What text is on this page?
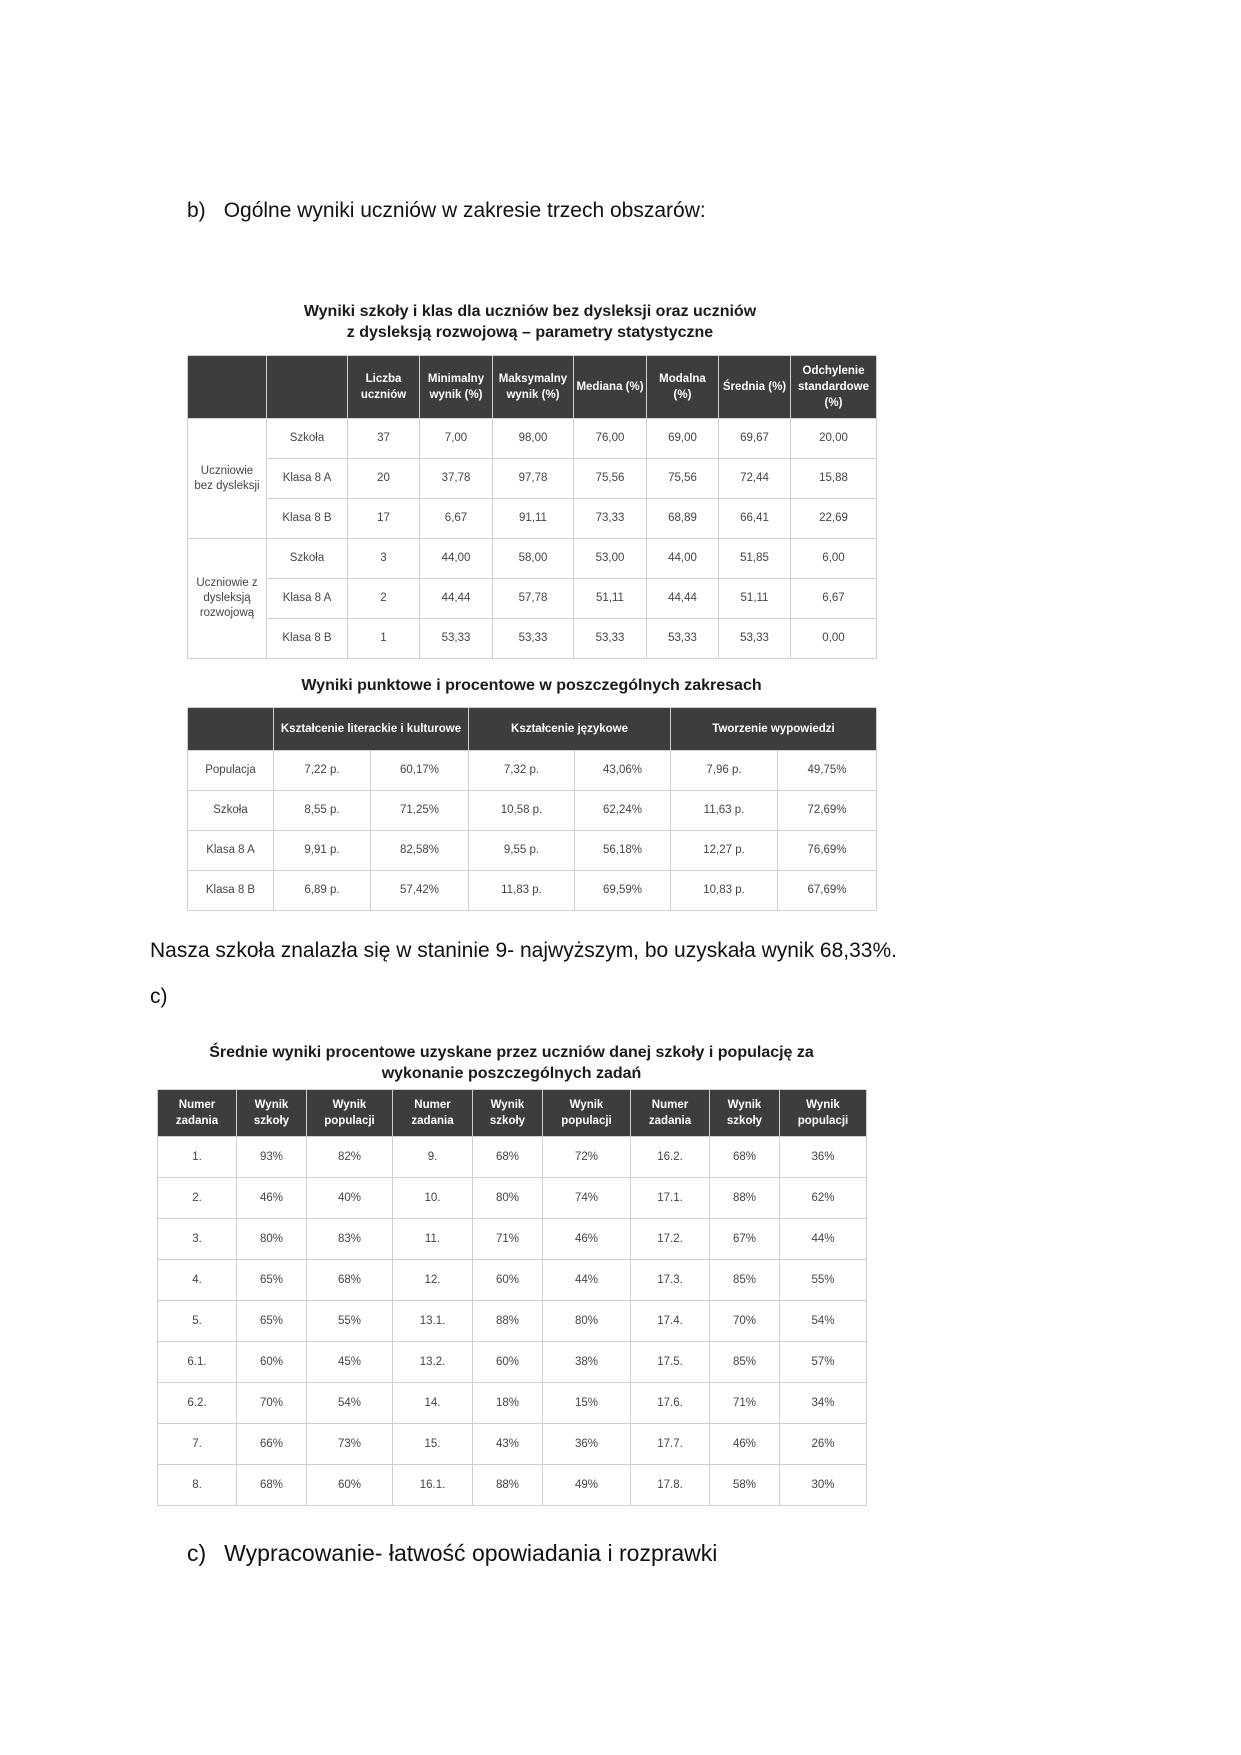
b) Ogólne wyniki uczniów w zakresie trzech obszarów:
Wyniki szkoły i klas dla uczniów bez dysleksji oraz uczniów
z dysleksją rozwojową – parametry statystyczne
		Liczba uczniów	Minimalny wynik (%)	Maksymalny wynik (%)	Mediana (%)	Modalna (%)	Średnia (%)	Odchylenie standardowe (%)
Uczniowie bez dysleksji	Szkoła	37	7,00	98,00	76,00	69,00	69,67	20,00
	Klasa 8 A	20	37,78	97,78	75,56	75,56	72,44	15,88
	Klasa 8 B	17	6,67	91,11	73,33	68,89	66,41	22,69
Uczniowie z dysleksją rozwojową	Szkoła	3	44,00	58,00	53,00	44,00	51,85	6,00
	Klasa 8 A	2	44,44	57,78	51,11	44,44	51,11	6,67
	Klasa 8 B	1	53,33	53,33	53,33	53,33	53,33	0,00
Wyniki punktowe i procentowe w poszczególnych zakresach
	Kształcenie literackie i kulturowe		Kształcenie językowe		Tworzenie wypowiedzi	
Populacja	7,22 p.	60,17%	7,32 p.	43,06%	7,96 p.	49,75%
Szkoła	8,55 p.	71,25%	10,58 p.	62,24%	11,63 p.	72,69%
Klasa 8 A	9,91 p.	82,58%	9,55 p.	56,18%	12,27 p.	76,69%
Klasa 8 B	6,89 p.	57,42%	11,83 p.	69,59%	10,83 p.	67,69%
Nasza szkoła znalazła się w staninie 9- najwyższym, bo uzyskała wynik 68,33%.
c)
Średnie wyniki procentowe uzyskane przez uczniów danej szkoły i populację za
wykonanie poszczególnych zadań
Numer zadania	Wynik szkoły	Wynik populacji	Numer zadania	Wynik szkoły	Wynik populacji	Numer zadania	Wynik szkoły	Wynik populacji
1.	93%	82%	9.	68%	72%	16.2.	68%	36%
2.	46%	40%	10.	80%	74%	17.1.	88%	62%
3.	80%	83%	11.	71%	46%	17.2.	67%	44%
4.	65%	68%	12.	60%	44%	17.3.	85%	55%
5.	65%	55%	13.1.	88%	80%	17.4.	70%	54%
6.1.	60%	45%	13.2.	60%	38%	17.5.	85%	57%
6.2.	70%	54%	14.	18%	15%	17.6.	71%	34%
7.	66%	73%	15.	43%	36%	17.7.	46%	26%
8.	68%	60%	16.1.	88%	49%	17.8.	58%	30%
c) Wypracowanie- łatwość opowiadania i rozprawki
